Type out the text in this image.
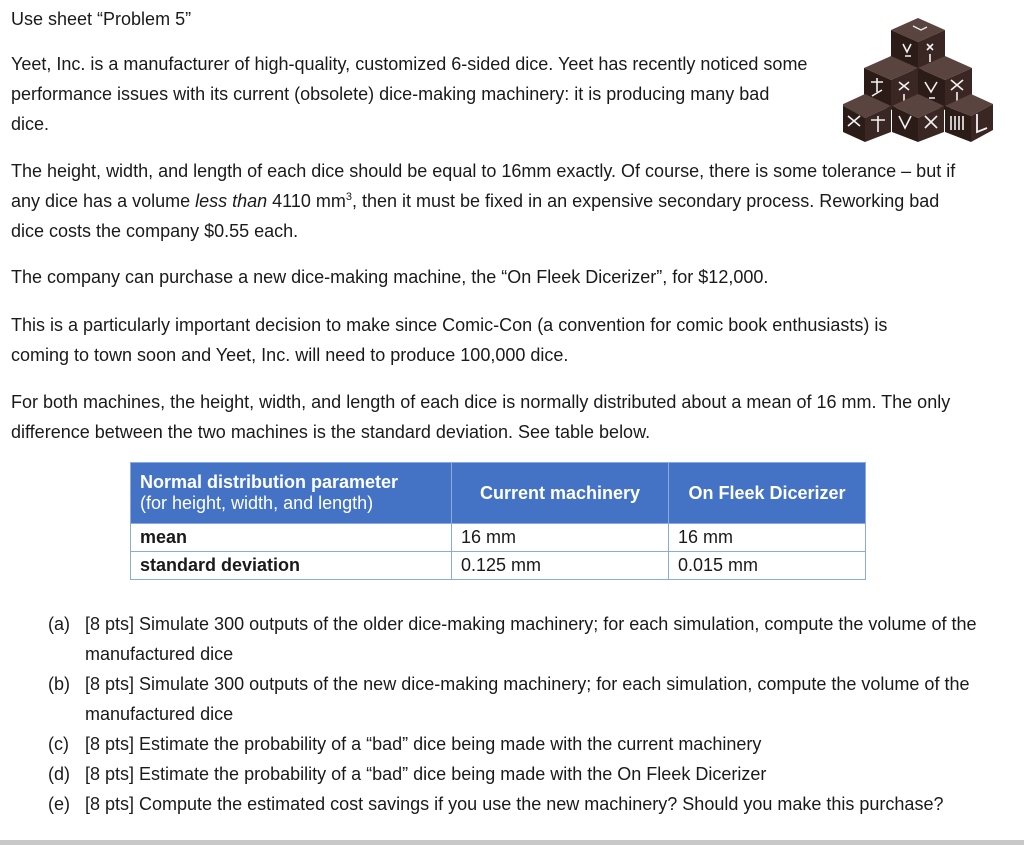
Use sheet “Problem 5”

Yeet, Inc. is a manufacturer of high-quality, customized 6-sided dice. Yeet has recently noticed some performance issues with its current (obsolete) dice-making machinery: it is producing many bad dice.

The height, width, and length of each dice should be equal to 16mm exactly. Of course, there is some tolerance – but if any dice has a volume less than 4110 $mm^3$, then it must be fixed in an expensive secondary process. Reworking bad dice costs the company $0.55 each.

The company can purchase a new dice-making machine, the “On Fleek Dicerizer”, for $12,000.

This is a particularly important decision to make since Comic-Con (a convention for comic book enthusiasts) is coming to town soon and Yeet, Inc. will need to produce 100,000 dice.

For both machines, the height, width, and length of each dice is normally distributed about a mean of 16 mm. The only difference between the two machines is the standard deviation. See table below.

Normal distribution parameter
(for height, width, and length)	Current machinery	On Fleek Dicerizer
mean	16 mm	16 mm
standard deviation	0.125 mm	0.015 mm
(a) [8 pts] Simulate 300 outputs of the older dice-making machinery; for each simulation, compute the volume of the manufactured dice
(b) [8 pts] Simulate 300 outputs of the new dice-making machinery; for each simulation, compute the volume of the manufactured dice
(c) [8 pts] Estimate the probability of a “bad” dice being made with the current machinery
(d) [8 pts] Estimate the probability of a “bad” dice being made with the On Fleek Dicerizer
(e) [8 pts] Compute the estimated cost savings if you use the new machinery? Should you make this purchase?
